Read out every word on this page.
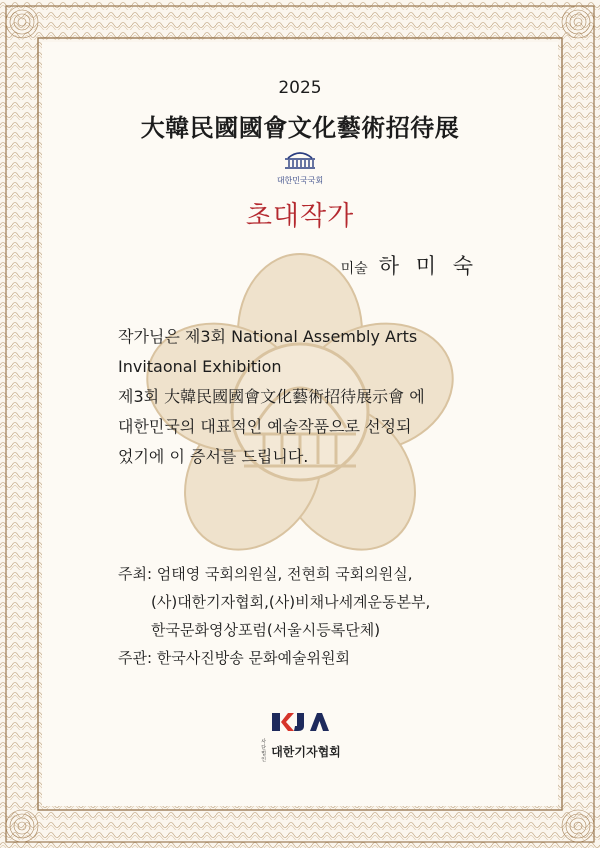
2025
大韓民國國會文化藝術招待展
대한민국국회
초대작가
미술 하 미 숙
작가님은 제3회 National Assembly Arts
Invitaonal Exhibition
제3회 大韓民國國會文化藝術招待展示會 에
대한민국의 대표적인 예술작품으로 선정되
었기에 이 증서를 드립니다.
주최: 엄태영 국회의원실, 전현희 국회의원실,
(사)대한기자협회,(사)비채나세계운동본부,
한국문화영상포럼(서울시등록단체)
주관: 한국사진방송 문화예술위원회
사단법인
대한기자협회
